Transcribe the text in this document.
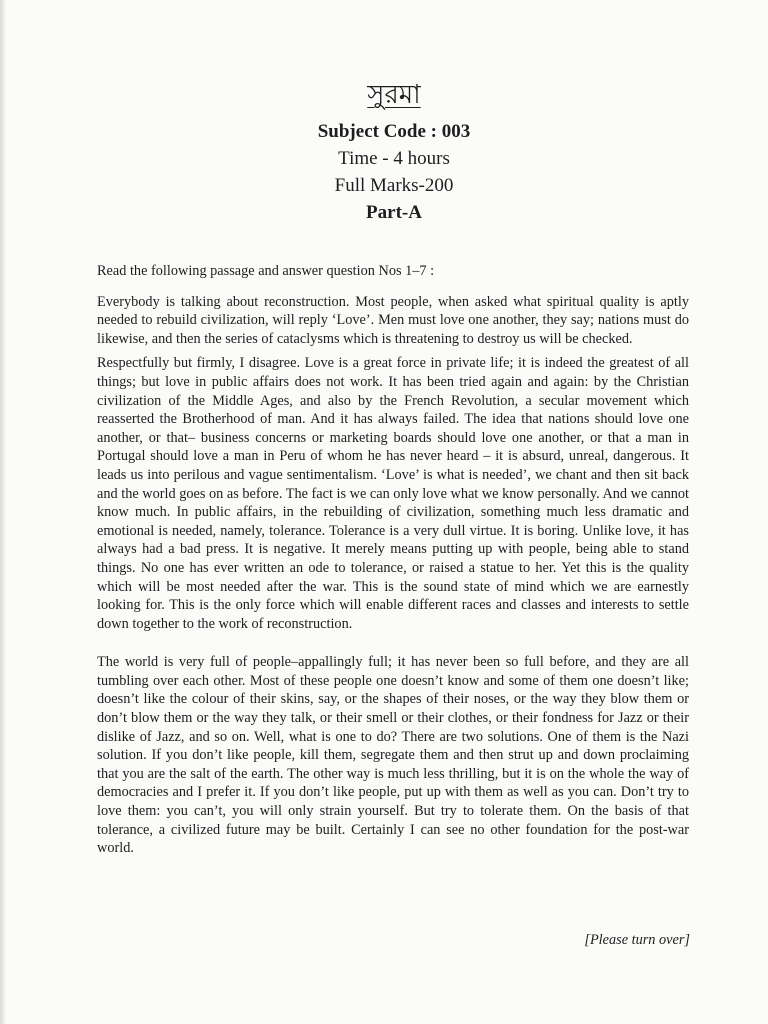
সুরমা
Subject Code : 003
Time - 4 hours
Full Marks-200
Part-A

Read the following passage and answer question Nos 1–7 :

Everybody is talking about reconstruction. Most people, when asked what spiritual quality is aptly needed to rebuild civilization, will reply ‘Love’. Men must love one another, they say; nations must do likewise, and then the series of cataclysms which is threatening to destroy us will be checked.

Respectfully but firmly, I disagree. Love is a great force in private life; it is indeed the greatest of all things; but love in public affairs does not work. It has been tried again and again: by the Christian civilization of the Middle Ages, and also by the French Revolution, a secular movement which reasserted the Brotherhood of man. And it has always failed. The idea that nations should love one another, or that– business concerns or marketing boards should love one another, or that a man in Portugal should love a man in Peru of whom he has never heard – it is absurd, unreal, dangerous. It leads us into perilous and vague sentimentalism. ‘Love’ is what is needed’, we chant and then sit back and the world goes on as before. The fact is we can only love what we know personally. And we cannot know much. In public affairs, in the rebuilding of civilization, something much less dramatic and emotional is needed, namely, tolerance. Tolerance is a very dull virtue. It is boring. Unlike love, it has always had a bad press. It is negative. It merely means putting up with people, being able to stand things. No one has ever written an ode to tolerance, or raised a statue to her. Yet this is the quality which will be most needed after the war. This is the sound state of mind which we are earnestly looking for. This is the only force which will enable different races and classes and interests to settle down together to the work of reconstruction.

The world is very full of people–appallingly full; it has never been so full before, and they are all tumbling over each other. Most of these people one doesn’t know and some of them one doesn’t like; doesn’t like the colour of their skins, say, or the shapes of their noses, or the way they blow them or don’t blow them or the way they talk, or their smell or their clothes, or their fondness for Jazz or their dislike of Jazz, and so on. Well, what is one to do? There are two solutions. One of them is the Nazi solution. If you don’t like people, kill them, segregate them and then strut up and down proclaiming that you are the salt of the earth. The other way is much less thrilling, but it is on the whole the way of democracies and I prefer it. If you don’t like people, put up with them as well as you can. Don’t try to love them: you can’t, you will only strain yourself. But try to tolerate them. On the basis of that tolerance, a civilized future may be built. Certainly I can see no other foundation for the post-war world.

[Please turn over]
